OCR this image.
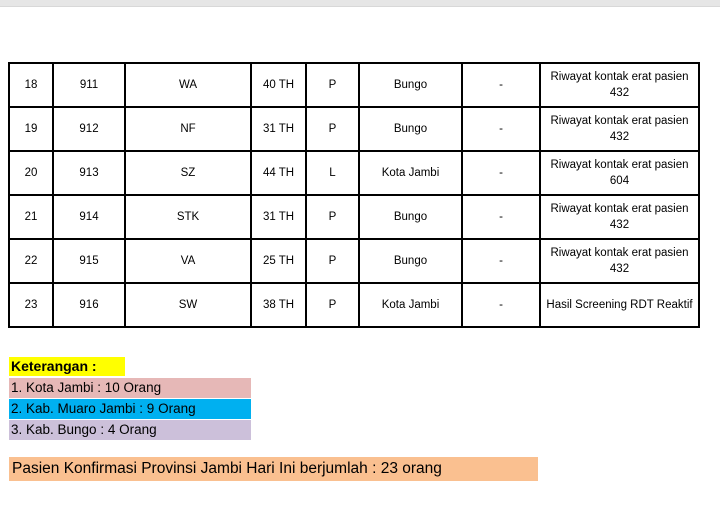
18	911	WA	40 TH	P	Bungo	-	Riwayat kontak erat pasien 432
19	912	NF	31 TH	P	Bungo	-	Riwayat kontak erat pasien 432
20	913	SZ	44 TH	L	Kota Jambi	-	Riwayat kontak erat pasien 604
21	914	STK	31 TH	P	Bungo	-	Riwayat kontak erat pasien 432
22	915	VA	25 TH	P	Bungo	-	Riwayat kontak erat pasien 432
23	916	SW	38 TH	P	Kota Jambi	-	Hasil Screening RDT Reaktif
Keterangan :
1. Kota Jambi : 10 Orang
2. Kab. Muaro Jambi : 9 Orang
3. Kab. Bungo : 4 Orang
Pasien Konfirmasi Provinsi Jambi Hari Ini berjumlah : 23 orang
